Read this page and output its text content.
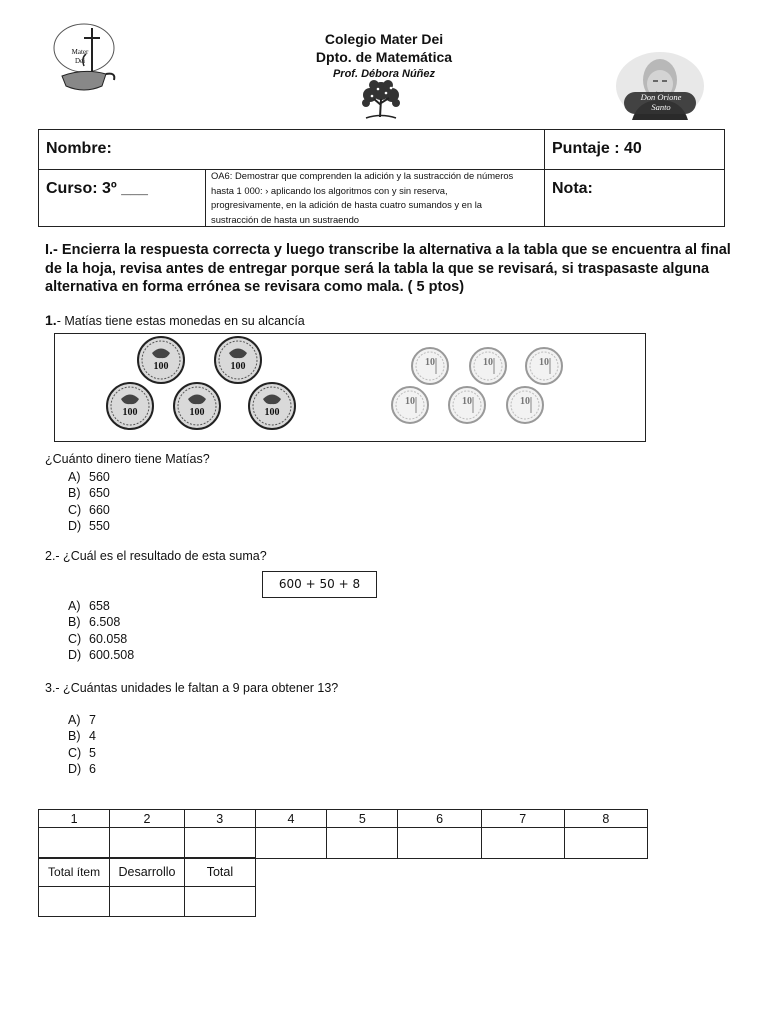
Mater Dei
Colegio Mater Dei
Dpto. de Matemática
Prof. Débora Núñez
Don Orione Santo
Nombre:	Puntaje : 40
Curso: 3º ___
OA6: Demostrar que comprenden la adición y la sustracción de números hasta 1 000: › aplicando los algoritmos con y sin reserva, progresivamente, en la adición de hasta cuatro sumandos y en la sustracción de hasta un sustraendo
Nota:
I.- Encierra la respuesta correcta y luego transcribe la alternativa a la tabla que se encuentra al final de la hoja, revisa antes de entregar porque será la tabla la que se revisará, si traspasaste alguna alternativa en forma errónea se revisara como mala. ( 5 ptos)
1.- Matías tiene estas monedas en su alcancía
100	100
100	100	100
10	10	10
10	10	10
¿Cuánto dinero tiene Matías?
A) 560
B) 650
C) 660
D) 550
2.- ¿Cuál es el resultado de esta suma?
600 + 50 + 8
A) 658
B) 6.508
C) 60.058
D) 600.508
3.- ¿Cuántas unidades le faltan a 9 para obtener 13?
A) 7
B) 4
C) 5
D) 6
1	2	3	4	5	6	7	8

Total ítem	Desarrollo	Total
